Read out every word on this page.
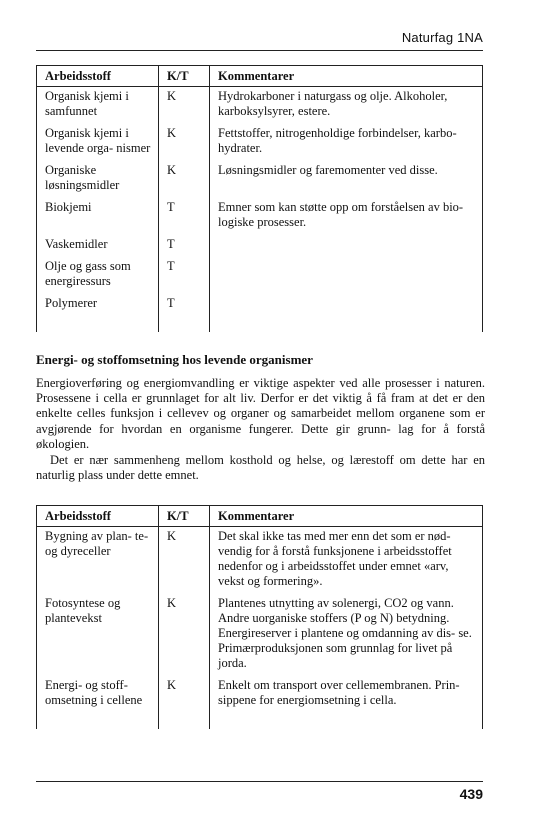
Naturfag 1NA
Arbeidsstoff	K/T	Kommentarer
Organisk kjemi i samfunnet	K	Hydrokarboner i naturgass og olje. Alkoholer, karboksylsyrer, estere.
Organisk kjemi i levende orga- nismer	K	Fettstoffer, nitrogenholdige forbindelser, karbo- hydrater.
Organiske løsningsmidler	K	Løsningsmidler og faremomenter ved disse.
Biokjemi	T	Emner som kan støtte opp om forståelsen av bio- logiske prosesser.
Vaskemidler	T	
Olje og gass som energiressurs	T	
Polymerer	T	

Energi- og stoffomsetning hos levende organismer
Energioverføring og energiomvandling er viktige aspekter ved alle prosesser i naturen. Prosessene i cella er grunnlaget for alt liv. Derfor er det viktig å få fram at det er den enkelte celles funksjon i cellevev og organer og samarbeidet mellom organene som er avgjørende for hvordan en organisme fungerer. Dette gir grunn- lag for å forstå økologien.
Det er nær sammenheng mellom kosthold og helse, og lærestoff om dette har en naturlig plass under dette emnet.
Arbeidsstoff	K/T	Kommentarer
Bygning av plan- te- og dyreceller	K	Det skal ikke tas med mer enn det som er nød- vendig for å forstå funksjonene i arbeidsstoffet nedenfor og i arbeidsstoffet under emnet «arv, vekst og formering».
Fotosyntese og plantevekst	K	Plantenes utnytting av solenergi, CO2 og vann. Andre uorganiske stoffers (P og N) betydning. Energireserver i plantene og omdanning av dis- se. Primærproduksjonen som grunnlag for livet på jorda.
Energi- og stoff- omsetning i cellene	K	Enkelt om transport over cellemembranen. Prin- sippene for energiomsetning i cella.

439
